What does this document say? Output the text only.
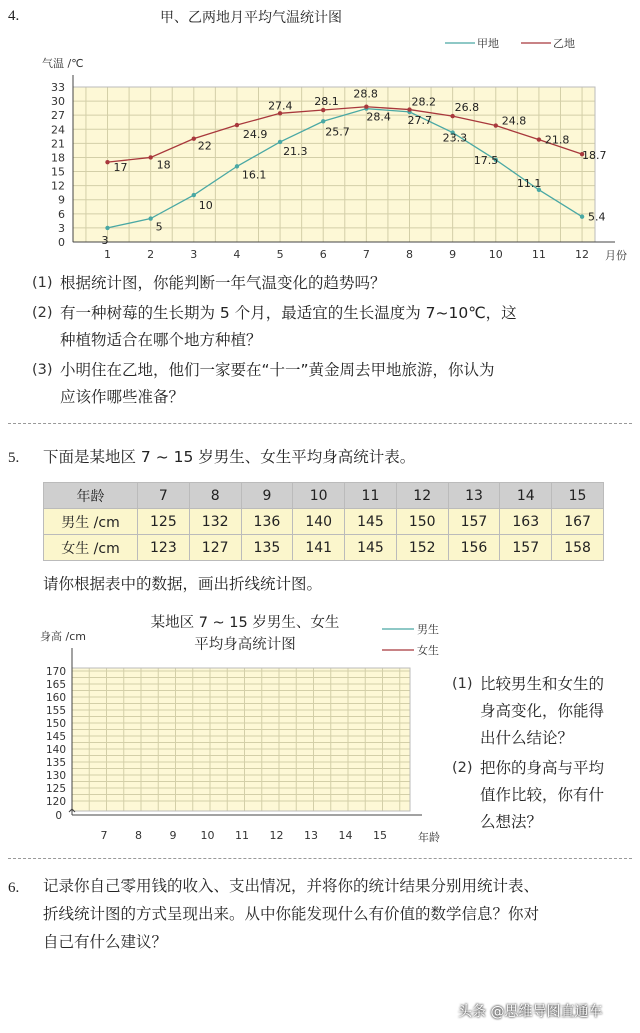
4.	甲、乙两地月平均气温统计图
0
3
6
9
12
15
18
21
24
27
30
33
1	2	3	4	5	6	7	8	9	10	11	12 月份
气温 /℃
甲地	乙地
3
5
10
16.1
21.3
25.7
28.4 27.7
23.3
17.5
11.1
5.4
17	18
22
24.9
27.4 28.1
28.8
28.2 26.8
24.8
21.8
18.7
(1) 根据统计图，你能判断一年气温变化的趋势吗？
(2) 有一种树莓的生长期为 5 个月，最适宜的生长温度为 7~10℃，这
种植物适合在哪个地方种植？
(3) 小明住在乙地，他们一家要在“十一”黄金周去甲地旅游，你认为
应该作哪些准备？
5. 下面是某地区 7 ~ 15 岁男生、女生平均身高统计表。
年龄	7	8	9	10	11	12	13	14	15
男生 /cm	125	132	136	140	145	150	157	163	167
女生 /cm	123	127	135	141	145	152	156	157	158
请你根据表中的数据，画出折线统计图。
某地区 7 ~ 15 岁男生、女生
平均身高统计图
0
120
125
130
135
140
145
150
155
160
165
170
7	8	9 10 11 12 13 14 15	年龄
身高 /cm
男生
女生
(1) 比较男生和女生的
身高变化，你能得
出什么结论？
(2) 把你的身高与平均
值作比较，你有什
么想法？
6. 记录你自己零用钱的收入、支出情况，并将你的统计结果分别用统计表、
折线统计图的方式呈现出来。从中你能发现什么有价值的数学信息？你对
自己有什么建议？
头条 @思维导图直通车
